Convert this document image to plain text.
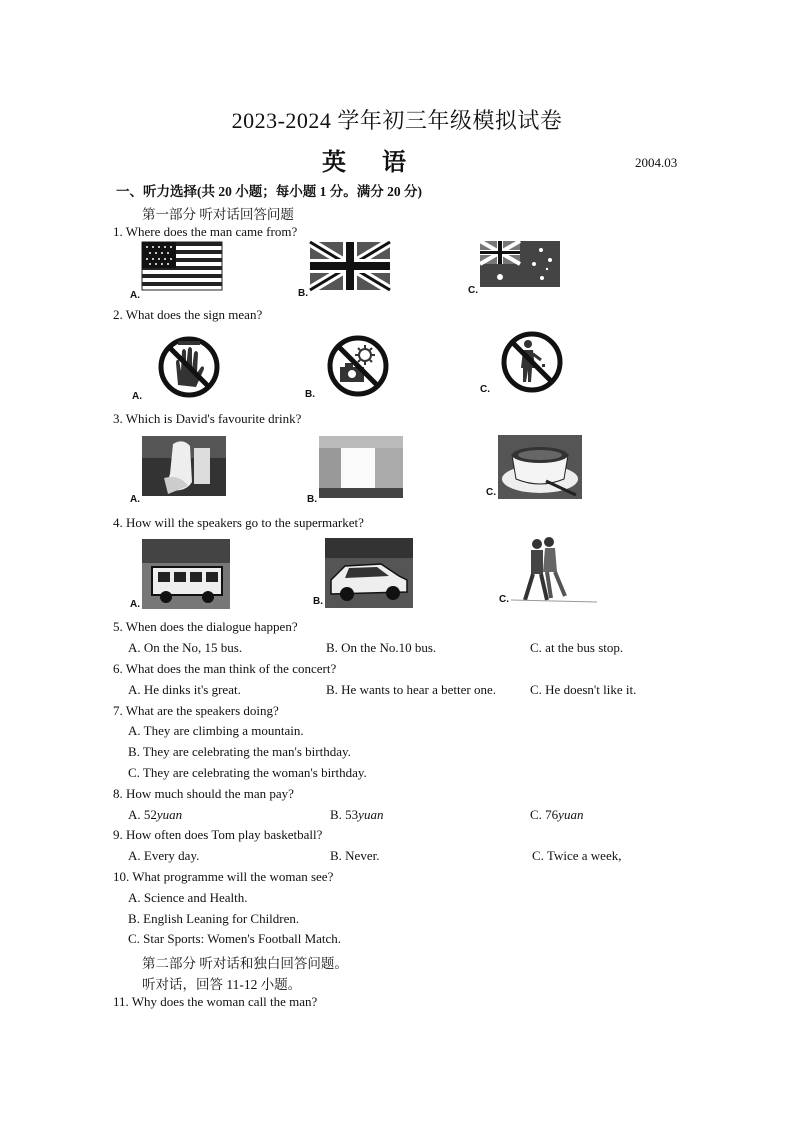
2023-2024 学年初三年级模拟试卷
英语	2004.03
一、听力选择(共 20 小题；每小题 1 分。满分 20 分)
第一部分 听对话回答问题
1. Where does the man came from?
A.	B.	C.
2. What does the sign mean?
A.	B.	C.
3. Which is David's favourite drink?
A.	B.
C.
4. How will the speakers go to the supermarket?
A.	B.	C.
5. When does the dialogue happen?
A. On the No, 15 bus.	B. On the No.10 bus.	C. at the bus stop.
6. What does the man think of the concert?
A. He dinks it's great.	B. He wants to hear a better one.	C. He doesn't like it.
7. What are the speakers doing?
A. They are climbing a mountain.
B. They are celebrating the man's birthday.
C. They are celebrating the woman's birthday.
8. How much should the man pay?
A. 52yuan	B. 53yuan	C. 76yuan
9. How often does Tom play basketball?
A. Every day.	B. Never.	C. Twice a week,
10. What programme will the woman see?
A. Science and Health.
B. English Leaning for Children.
C. Star Sports: Women's Football Match.
第二部分 听对话和独白回答问题。
听对话，回答 11-12 小题。
11. Why does the woman call the man?
